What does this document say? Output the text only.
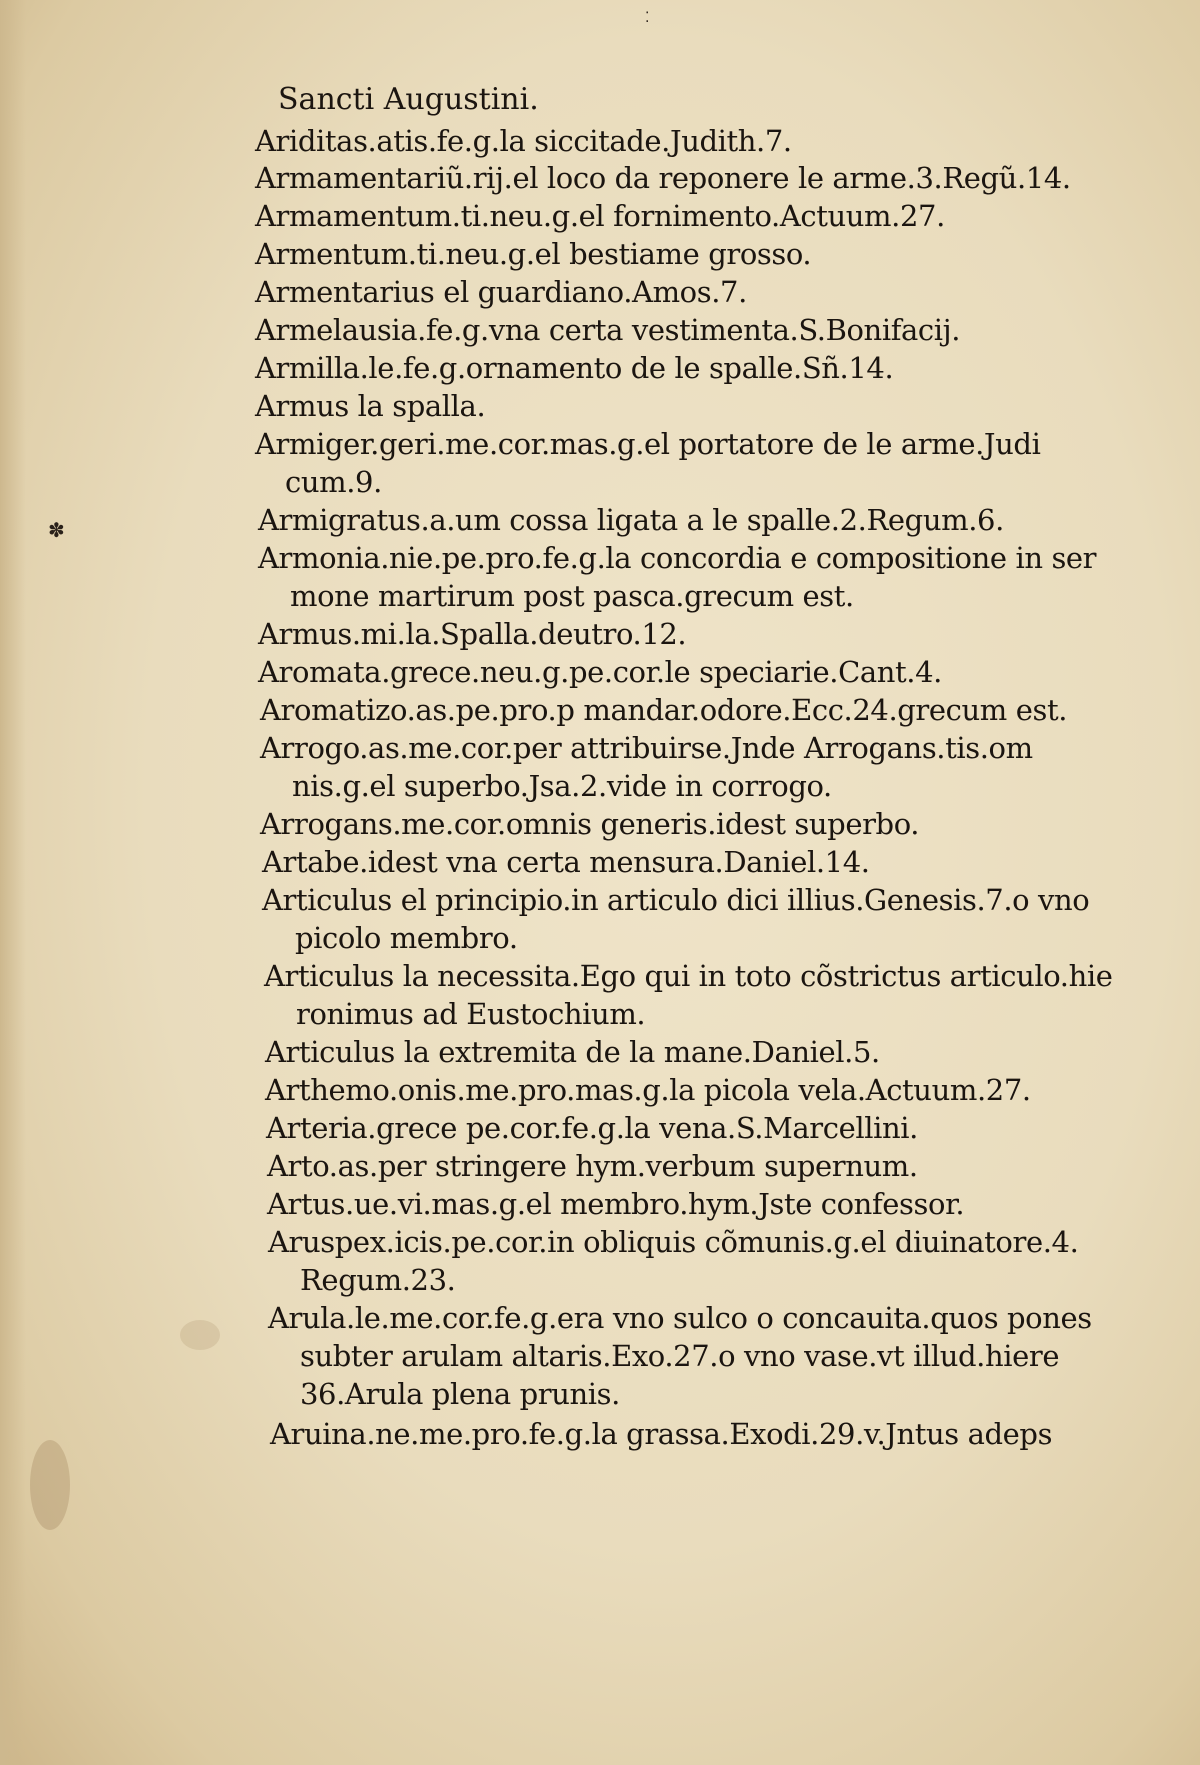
✽
⁚
Sancti Augustini.
Ariditas.atis.fe.g.la siccitade.Judith.7.
Armamentariũ.rij.el loco da reponere le arme.3.Regũ.14.
Armamentum.ti.neu.g.el fornimento.Actuum.27.
Armentum.ti.neu.g.el bestiame grosso.
Armentarius el guardiano.Amos.7.
Armelausia.fe.g.vna certa vestimenta.S.Bonifacij.
Armilla.le.fe.g.ornamento de le spalle.Sñ.14.
Armus la spalla.
Armiger.geri.me.cor.mas.g.el portatore de le arme.Judi
cum.9.
Armigratus.a.um cossa ligata a le spalle.2.Regum.6.
Armonia.nie.pe.pro.fe.g.la concordia e compositione in ser
mone martirum post pasca.grecum est.
Armus.mi.la.Spalla.deutro.12.
Aromata.grece.neu.g.pe.cor.le speciarie.Cant.4.
Aromatizo.as.pe.pro.p mandar.odore.Ecc.24.grecum est.
Arrogo.as.me.cor.per attribuirse.Jnde Arrogans.tis.om
nis.g.el superbo.Jsa.2.vide in corrogo.
Arrogans.me.cor.omnis generis.idest superbo.
Artabe.idest vna certa mensura.Daniel.14.
Articulus el principio.in articulo dici illius.Genesis.7.o vno
picolo membro.
Articulus la necessita.Ego qui in toto cõstrictus articulo.hie
ronimus ad Eustochium.
Articulus la extremita de la mane.Daniel.5.
Arthemo.onis.me.pro.mas.g.la picola vela.Actuum.27.
Arteria.grece pe.cor.fe.g.la vena.S.Marcellini.
Arto.as.per stringere hym.verbum supernum.
Artus.ue.vi.mas.g.el membro.hym.Jste confessor.
Aruspex.icis.pe.cor.in obliquis cõmunis.g.el diuinatore.4.
Regum.23.
Arula.le.me.cor.fe.g.era vno sulco o concauita.quos pones
subter arulam altaris.Exo.27.o vno vase.vt illud.hiere
36.Arula plena prunis.
Aruina.ne.me.pro.fe.g.la grassa.Exodi.29.v.Jntus adeps
